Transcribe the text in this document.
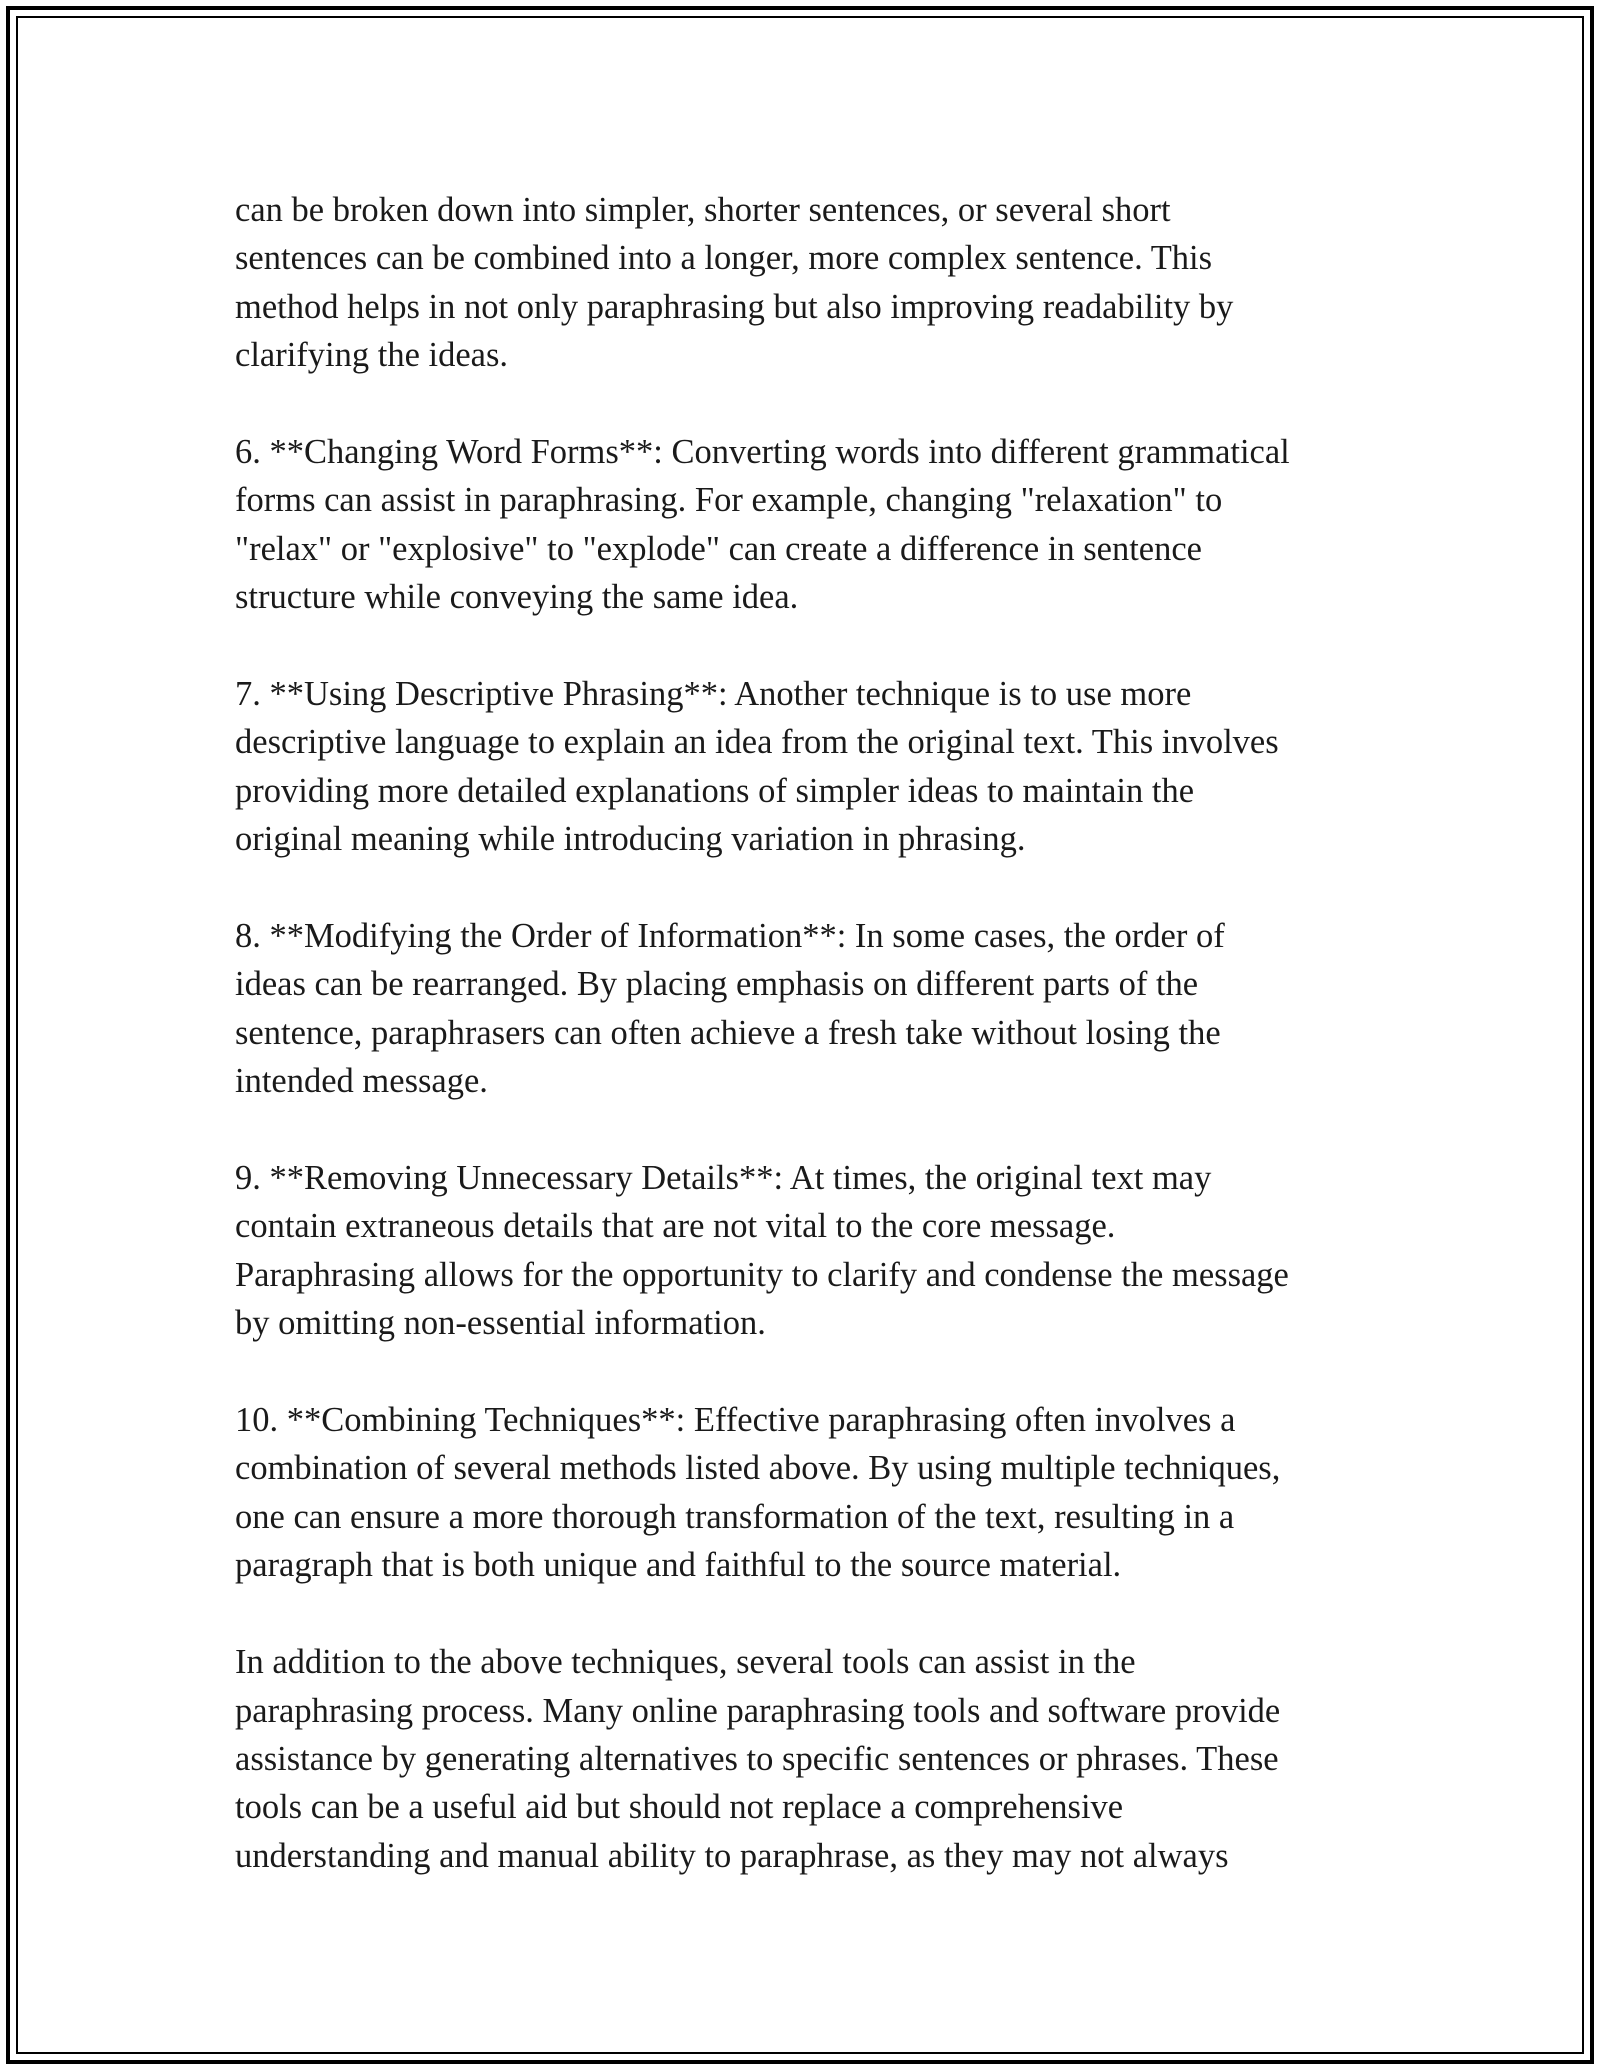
can be broken down into simpler, shorter sentences, or several short
sentences can be combined into a longer, more complex sentence. This
method helps in not only paraphrasing but also improving readability by
clarifying the ideas.

6. **Changing Word Forms**: Converting words into different grammatical
forms can assist in paraphrasing. For example, changing "relaxation" to
"relax" or "explosive" to "explode" can create a difference in sentence
structure while conveying the same idea.

7. **Using Descriptive Phrasing**: Another technique is to use more
descriptive language to explain an idea from the original text. This involves
providing more detailed explanations of simpler ideas to maintain the
original meaning while introducing variation in phrasing.

8. **Modifying the Order of Information**: In some cases, the order of
ideas can be rearranged. By placing emphasis on different parts of the
sentence, paraphrasers can often achieve a fresh take without losing the
intended message.

9. **Removing Unnecessary Details**: At times, the original text may
contain extraneous details that are not vital to the core message.
Paraphrasing allows for the opportunity to clarify and condense the message
by omitting non-essential information.

10. **Combining Techniques**: Effective paraphrasing often involves a
combination of several methods listed above. By using multiple techniques,
one can ensure a more thorough transformation of the text, resulting in a
paragraph that is both unique and faithful to the source material.

In addition to the above techniques, several tools can assist in the
paraphrasing process. Many online paraphrasing tools and software provide
assistance by generating alternatives to specific sentences or phrases. These
tools can be a useful aid but should not replace a comprehensive
understanding and manual ability to paraphrase, as they may not always
